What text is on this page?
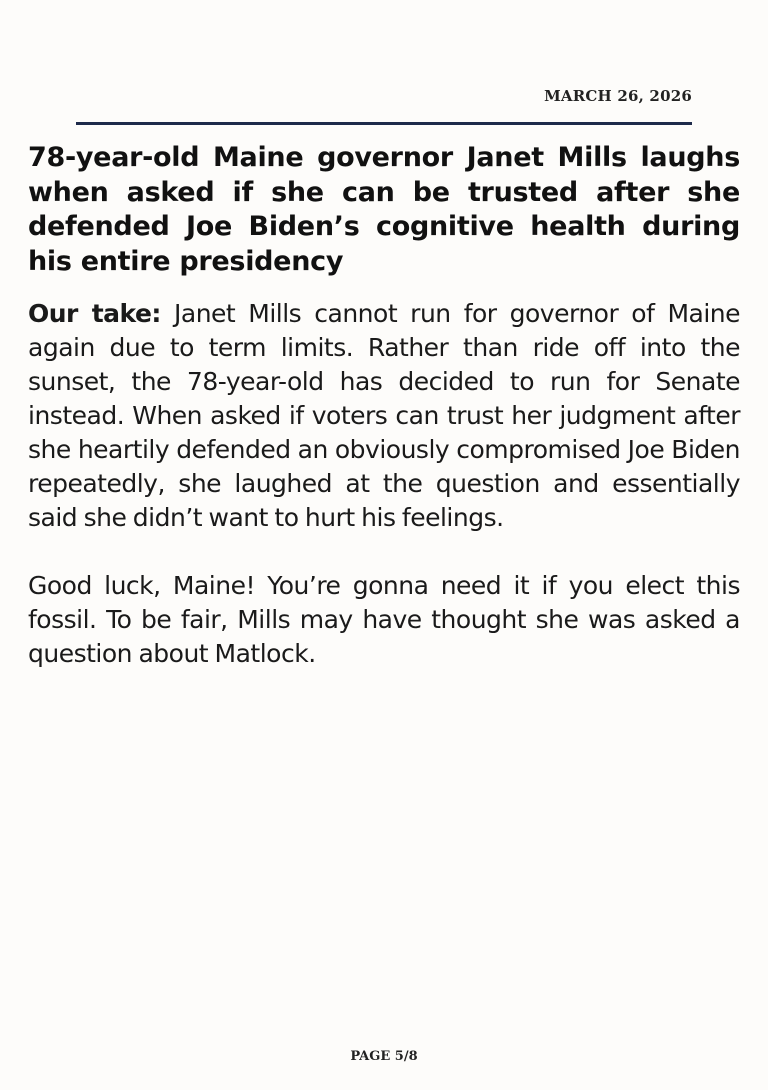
MARCH 26, 2026
78-year-old Maine governor Janet Mills laughs when asked if she can be trusted after she defended Joe Biden’s cognitive health during his entire presidency

Our take: Janet Mills cannot run for governor of Maine again due to term limits. Rather than ride off into the sunset, the 78-year-old has decided to run for Senate instead. When asked if voters can trust her judgment after she heartily defended an obviously compromised Joe Biden repeatedly, she laughed at the question and essentially said she didn’t want to hurt his feelings.

Good luck, Maine! You’re gonna need it if you elect this fossil. To be fair, Mills may have thought she was asked a question about Matlock.

PAGE 5/8
